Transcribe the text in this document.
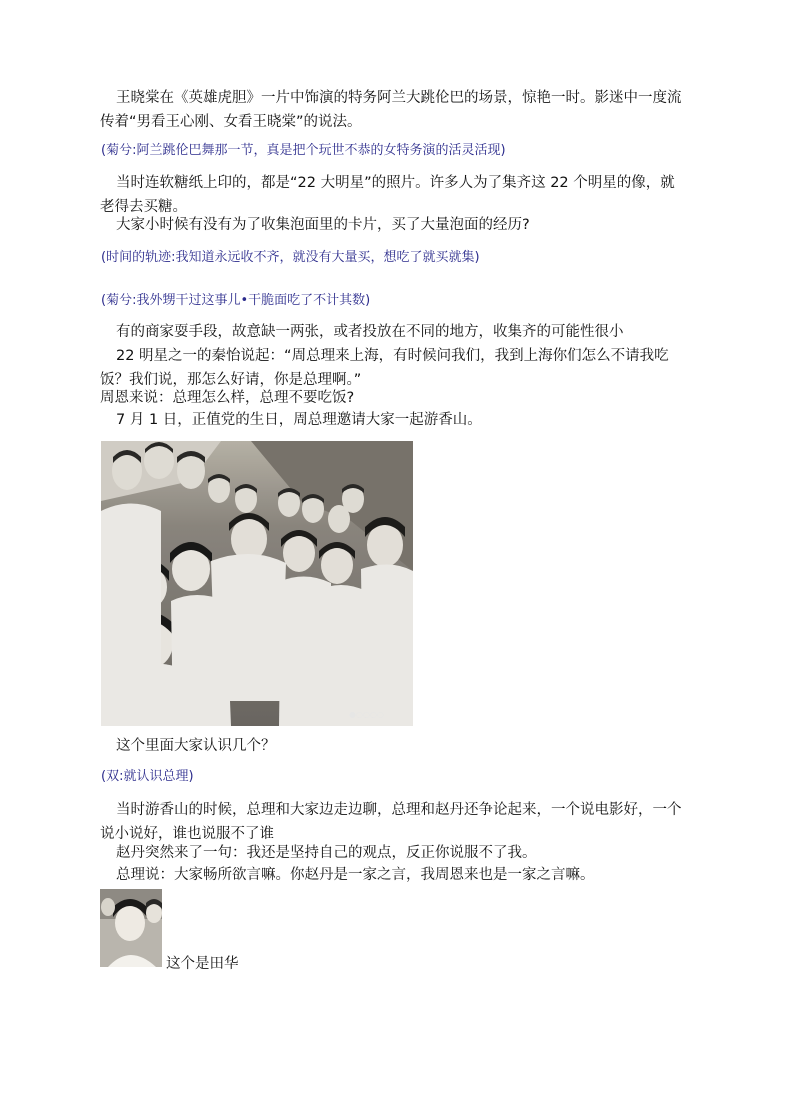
王晓棠在《英雄虎胆》一片中饰演的特务阿兰大跳伦巴的场景，惊艳一时。影迷中一度流

传着“男看王心刚、女看王晓棠”的说法。

(菊兮:阿兰跳伦巴舞那一节，真是把个玩世不恭的女特务演的活灵活现)

当时连软糖纸上印的，都是“22 大明星”的照片。许多人为了集齐这 22 个明星的像，就

老得去买糖。

大家小时候有没有为了收集泡面里的卡片，买了大量泡面的经历?

(时间的轨迹:我知道永远收不齐，就没有大量买，想吃了就买就集)

(菊兮:我外甥干过这事儿•干脆面吃了不计其数)

有的商家耍手段，故意缺一两张，或者投放在不同的地方，收集齐的可能性很小

22 明星之一的秦怡说起：“周总理来上海，有时候问我们，我到上海你们怎么不请我吃

饭？我们说，那怎么好请，你是总理啊。”

周恩来说：总理怎么样，总理不要吃饭?

7 月 1 日，正值党的生日，周总理邀请大家一起游香山。

●○○○○

这个里面大家认识几个？

(双:就认识总理)

当时游香山的时候，总理和大家边走边聊，总理和赵丹还争论起来，一个说电影好，一个

说小说好，谁也说服不了谁

赵丹突然来了一句：我还是坚持自己的观点，反正你说服不了我。

总理说：大家畅所欲言嘛。你赵丹是一家之言，我周恩来也是一家之言嘛。

这个是田华
